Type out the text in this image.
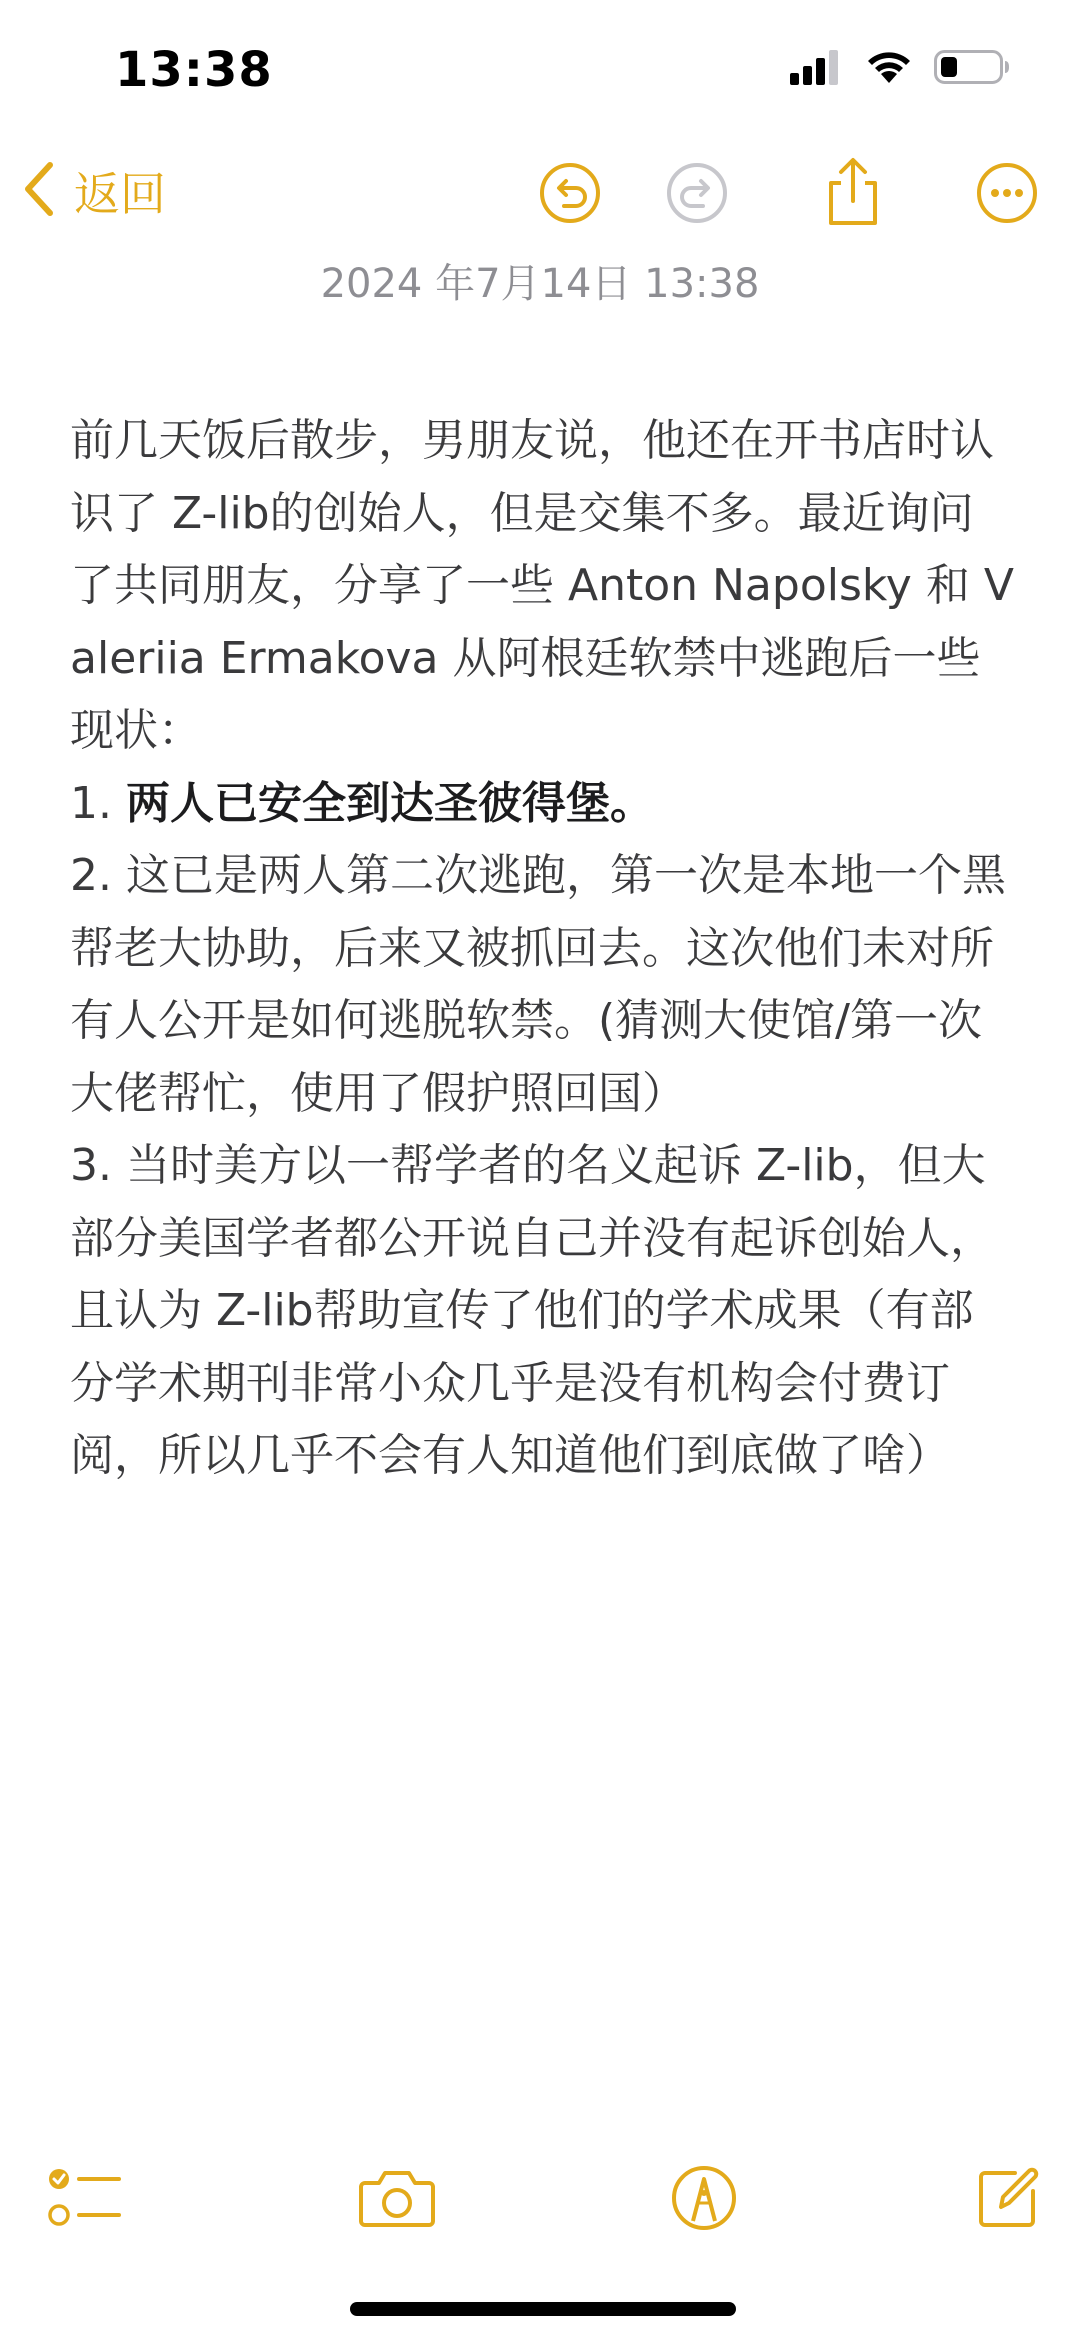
13:38
返回
2024 年7月14日 13:38

前几天饭后散步，男朋友说，他还在开书店时认识了 Z-lib的创始人，但是交集不多。最近询问了共同朋友，分享了一些 Anton Napolsky 和 Valeriia Ermakova 从阿根廷软禁中逃跑后一些现状：

1. 两人已安全到达圣彼得堡。

2. 这已是两人第二次逃跑，第一次是本地一个黑帮老大协助，后来又被抓回去。这次他们未对所有人公开是如何逃脱软禁。(猜测大使馆/第一次大佬帮忙，使用了假护照回国）

3. 当时美方以一帮学者的名义起诉 Z-lib，但大部分美国学者都公开说自己并没有起诉创始人，且认为 Z-lib帮助宣传了他们的学术成果（有部分学术期刊非常小众几乎是没有机构会付费订阅，所以几乎不会有人知道他们到底做了啥）
